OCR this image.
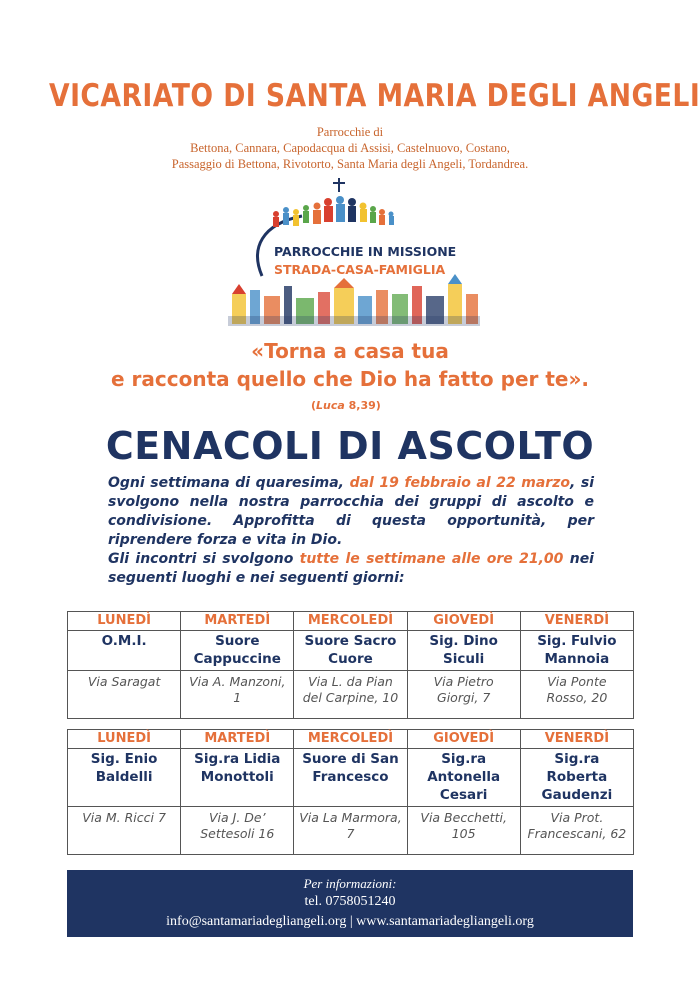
VICARIATO DI SANTA MARIA DEGLI ANGELI
Parrocchie di
Bettona, Cannara, Capodacqua di Assisi, Castelnuovo, Costano,
Passaggio di Bettona, Rivotorto, Santa Maria degli Angeli, Tordandrea.
PARROCCHIE IN MISSIONE
STRADA-CASA-FAMIGLIA
«Torna a casa tua
e racconta quello che Dio ha fatto per te».
(Luca 8,39)
CENACOLI DI ASCOLTO
Ogni settimana di quaresima, dal 19 febbraio al 22 marzo, si svolgono nella nostra parrocchia dei gruppi di ascolto e condivisione. Approfitta di questa opportunità, per riprendere forza e vita in Dio.
Gli incontri si svolgono tutte le settimane alle ore 21,00 nei seguenti luoghi e nei seguenti giorni:
LUNEDÌ	MARTEDÌ	MERCOLEDÌ	GIOVEDÌ	VENERDÌ
O.M.I.	Suore Cappuccine	Suore Sacro Cuore	Sig. Dino Siculi	Sig. Fulvio Mannoia
Via Saragat	Via A. Manzoni, 1	Via L. da Pian del Carpine, 10	Via Pietro Giorgi, 7	Via Ponte Rosso, 20
LUNEDÌ	MARTEDÌ	MERCOLEDÌ	GIOVEDÌ	VENERDÌ
Sig. Enio Baldelli	Sig.ra Lidia Monottoli	Suore di San Francesco	Sig.ra Antonella Cesari	Sig.ra Roberta Gaudenzi
Via M. Ricci 7	Via J. De’ Settesoli 16	Via La Marmora, 7	Via Becchetti, 105	Via Prot. Francescani, 62
Per informazioni:
tel. 0758051240
info@santamariadegliangeli.org | www.santamariadegliangeli.org
